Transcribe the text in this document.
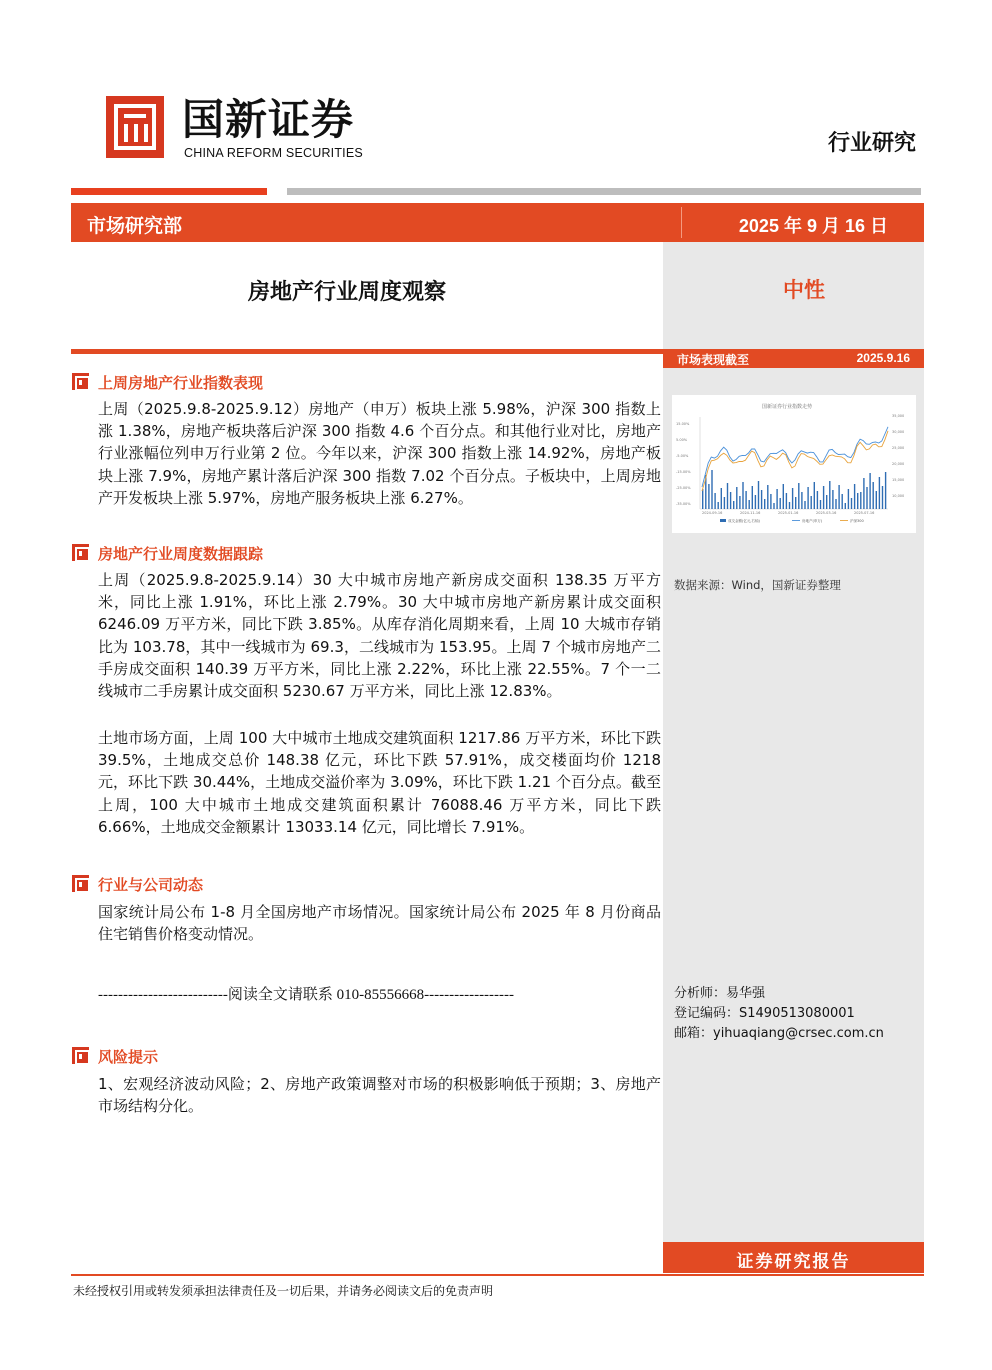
国新证券
CHINA REFORM SECURITIES	行业研究
市场研究部	2025 年 9 月 16 日
房地产行业周度观察	中性
市场表现截至	2025.9.16
国新证券行业指数走势
15.00%
5.00%
-5.00%
-15.00%
-25.00%
-35.00%
35,000
30,000
25,000
20,000
15,000
10,000
2024-09-16	2024-11-16	2025-01-16	2025-03-16	2025-07-16
成交金额(亿元,右轴)	房地产(申万)	沪深300
数据来源：Wind，国新证券整理
上周房地产行业指数表现
上周（2025.9.8-2025.9.12）房地产（申万）板块上涨 5.98%，沪深 300 指数上涨 1.38%，房地产板块落后沪深 300 指数 4.6 个百分点。和其他行业对比，房地产行业涨幅位列申万行业第 2 位。今年以来，沪深 300 指数上涨 14.92%，房地产板块上涨 7.9%，房地产累计落后沪深 300 指数 7.02 个百分点。子板块中，上周房地产开发板块上涨 5.97%，房地产服务板块上涨 6.27%。
房地产行业周度数据跟踪
上周（2025.9.8-2025.9.14）30 大中城市房地产新房成交面积 138.35 万平方米，同比上涨 1.91%，环比上涨 2.79%。30 大中城市房地产新房累计成交面积 6246.09 万平方米，同比下跌 3.85%。从库存消化周期来看，上周 10 大城市存销比为 103.78，其中一线城市为 69.3，二线城市为 153.95。上周 7 个城市房地产二手房成交面积 140.39 万平方米，同比上涨 2.22%，环比上涨 22.55%。7 个一二线城市二手房累计成交面积 5230.67 万平方米，同比上涨 12.83%。
土地市场方面，上周 100 大中城市土地成交建筑面积 1217.86 万平方米，环比下跌 39.5%，土地成交总价 148.38 亿元，环比下跌 57.91%，成交楼面均价 1218 元，环比下跌 30.44%，土地成交溢价率为 3.09%，环比下跌 1.21 个百分点。截至上周，100 大中城市土地成交建筑面积累计 76088.46 万平方米，同比下跌 6.66%，土地成交金额累计 13033.14 亿元，同比增长 7.91%。
行业与公司动态
国家统计局公布 1-8 月全国房地产市场情况。国家统计局公布 2025 年 8 月份商品住宅销售价格变动情况。
--------------------------阅读全文请联系 010-85556668------------------	分析师：易华强
登记编码：S1490513080001
邮箱：yihuaqiang@crsec.com.cn
风险提示
1、宏观经济波动风险；2、房地产政策调整对市场的积极影响低于预期；3、房地产市场结构分化。
证券研究报告
未经授权引用或转发须承担法律责任及一切后果，并请务必阅读文后的免责声明
